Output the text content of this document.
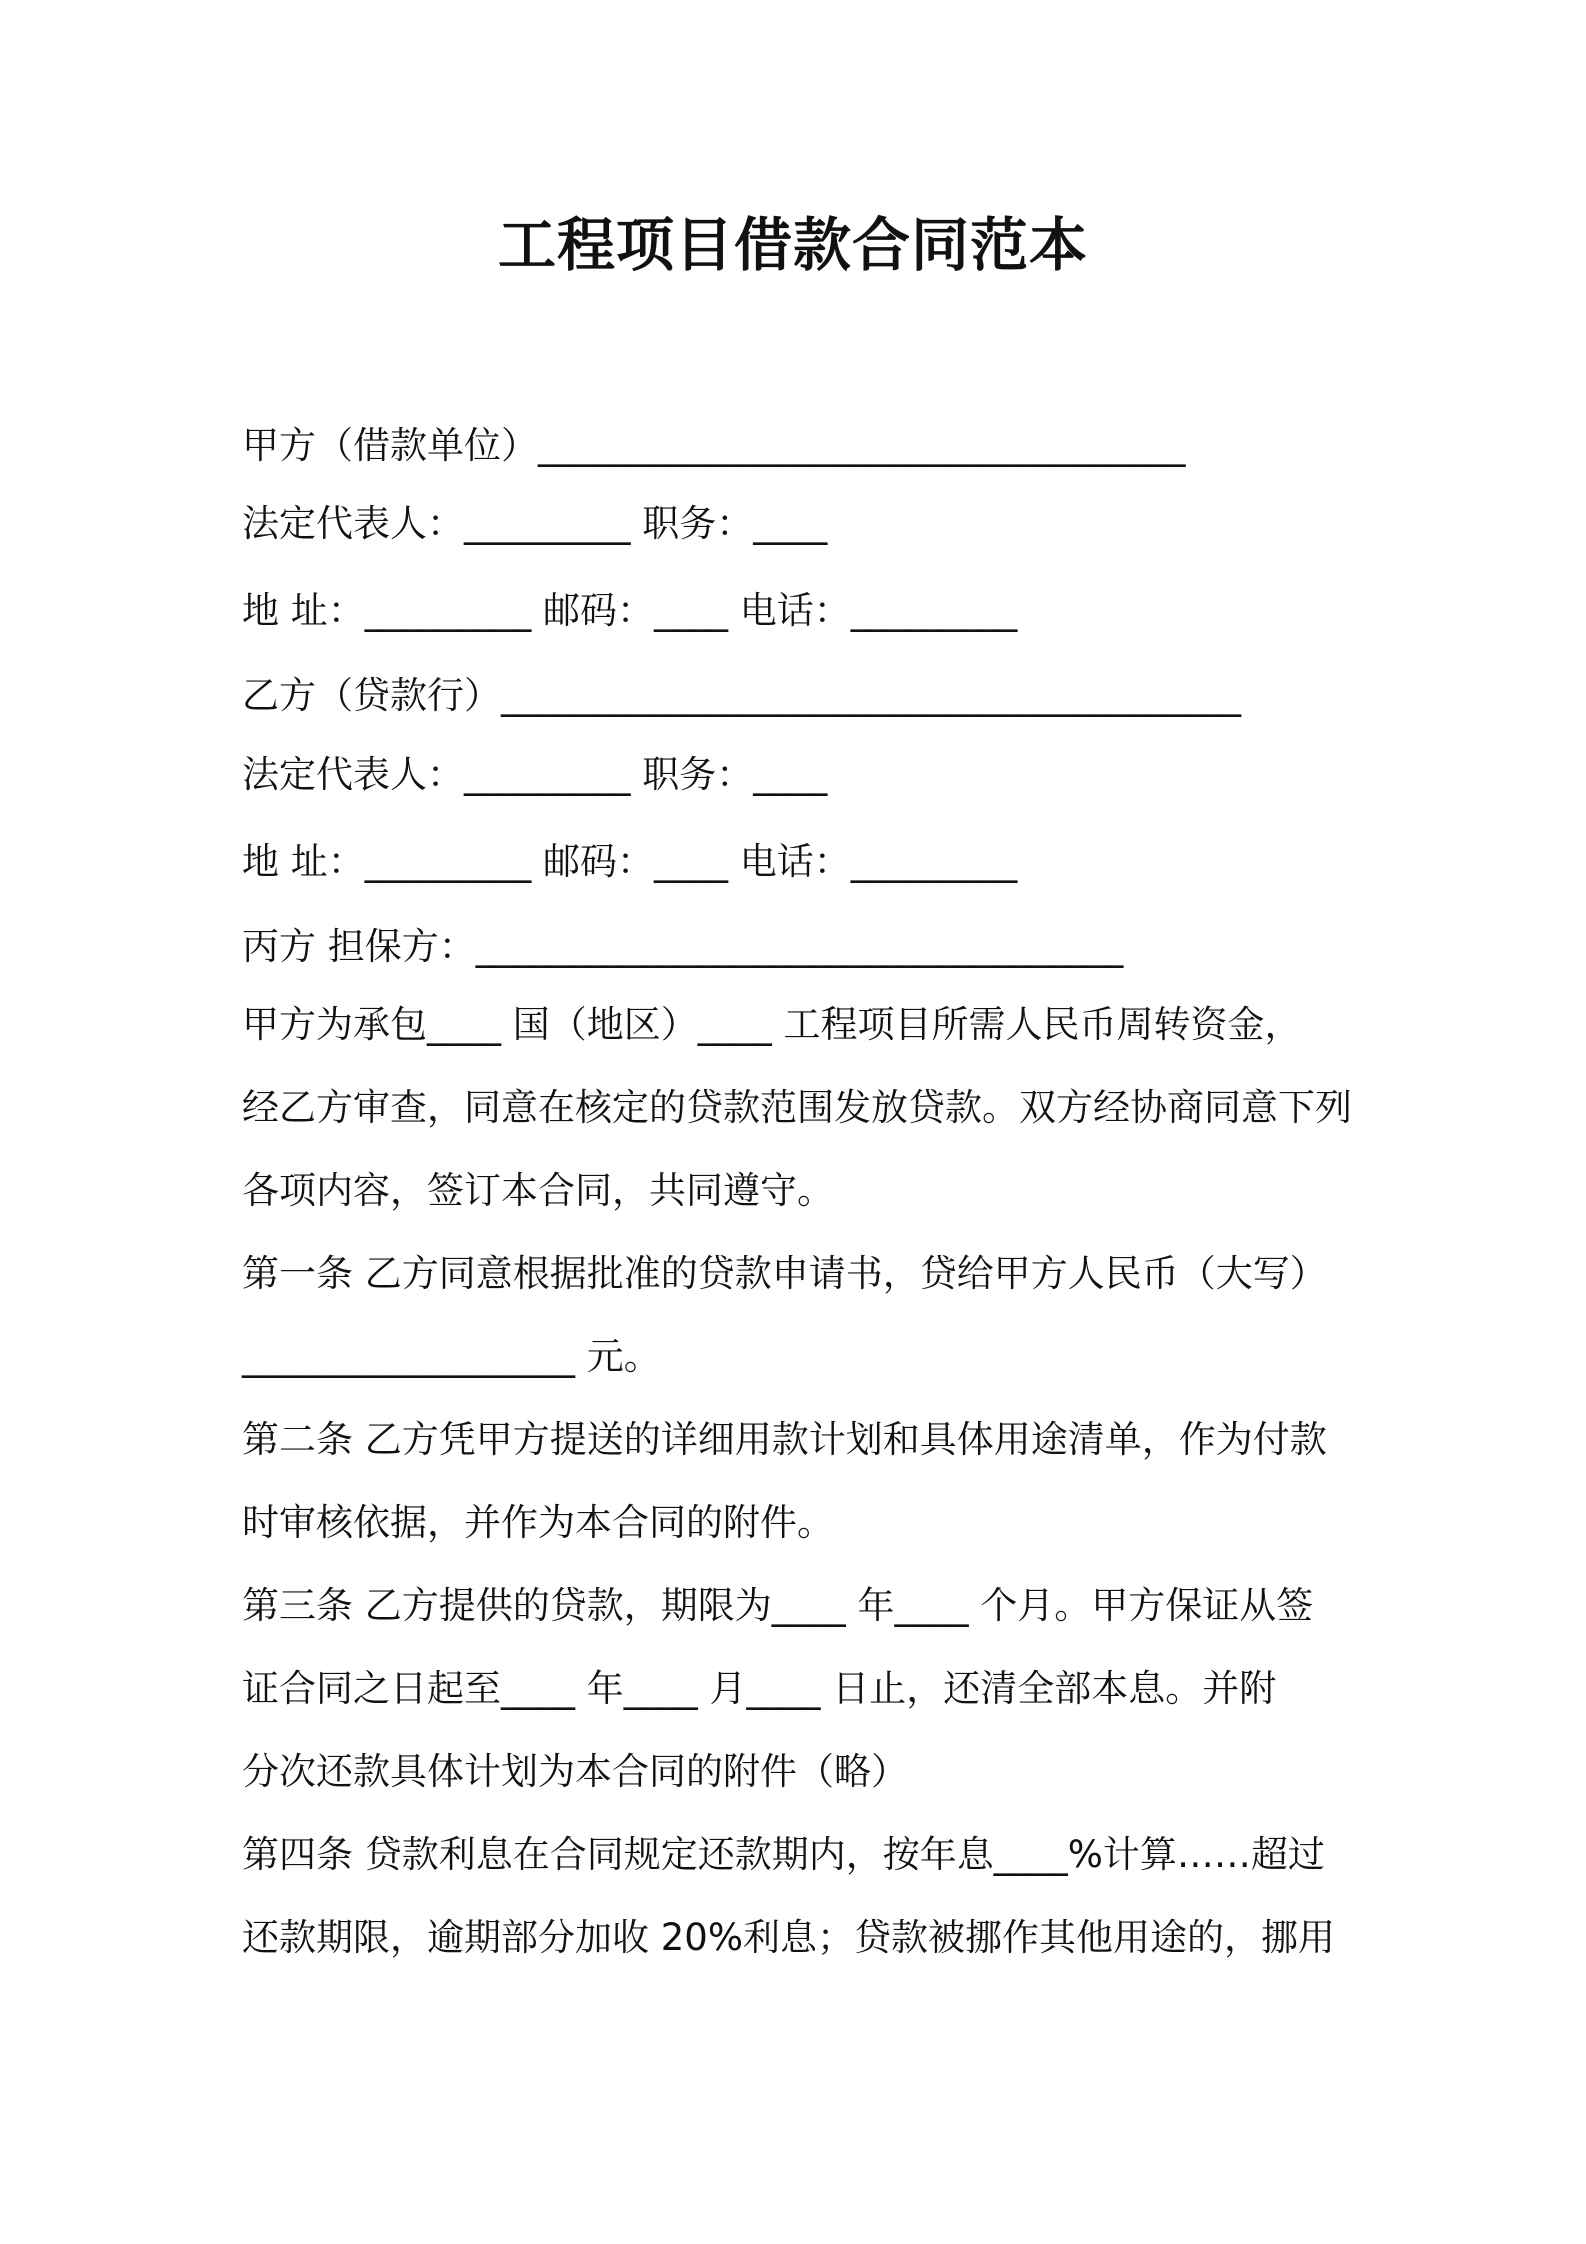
工程项目借款合同范本
甲方（借款单位）___________________________________
法定代表人：_________ 职务：____
地 址：_________ 邮码：____ 电话：_________
乙方（贷款行）________________________________________
法定代表人：_________ 职务：____
地 址：_________ 邮码：____ 电话：_________
丙方 担保方：___________________________________
甲方为承包____ 国（地区）____ 工程项目所需人民币周转资金，
经乙方审查，同意在核定的贷款范围发放贷款。双方经协商同意下列
各项内容，签订本合同，共同遵守。
第一条 乙方同意根据批准的贷款申请书，贷给甲方人民币（大写）
__________________ 元。
第二条 乙方凭甲方提送的详细用款计划和具体用途清单，作为付款
时审核依据，并作为本合同的附件。
第三条 乙方提供的贷款，期限为____ 年____ 个月。甲方保证从签
证合同之日起至____ 年____ 月____ 日止，还清全部本息。并附
分次还款具体计划为本合同的附件（略）
第四条 贷款利息在合同规定还款期内，按年息____%计算……超过
还款期限，逾期部分加收 20%利息；贷款被挪作其他用途的，挪用
